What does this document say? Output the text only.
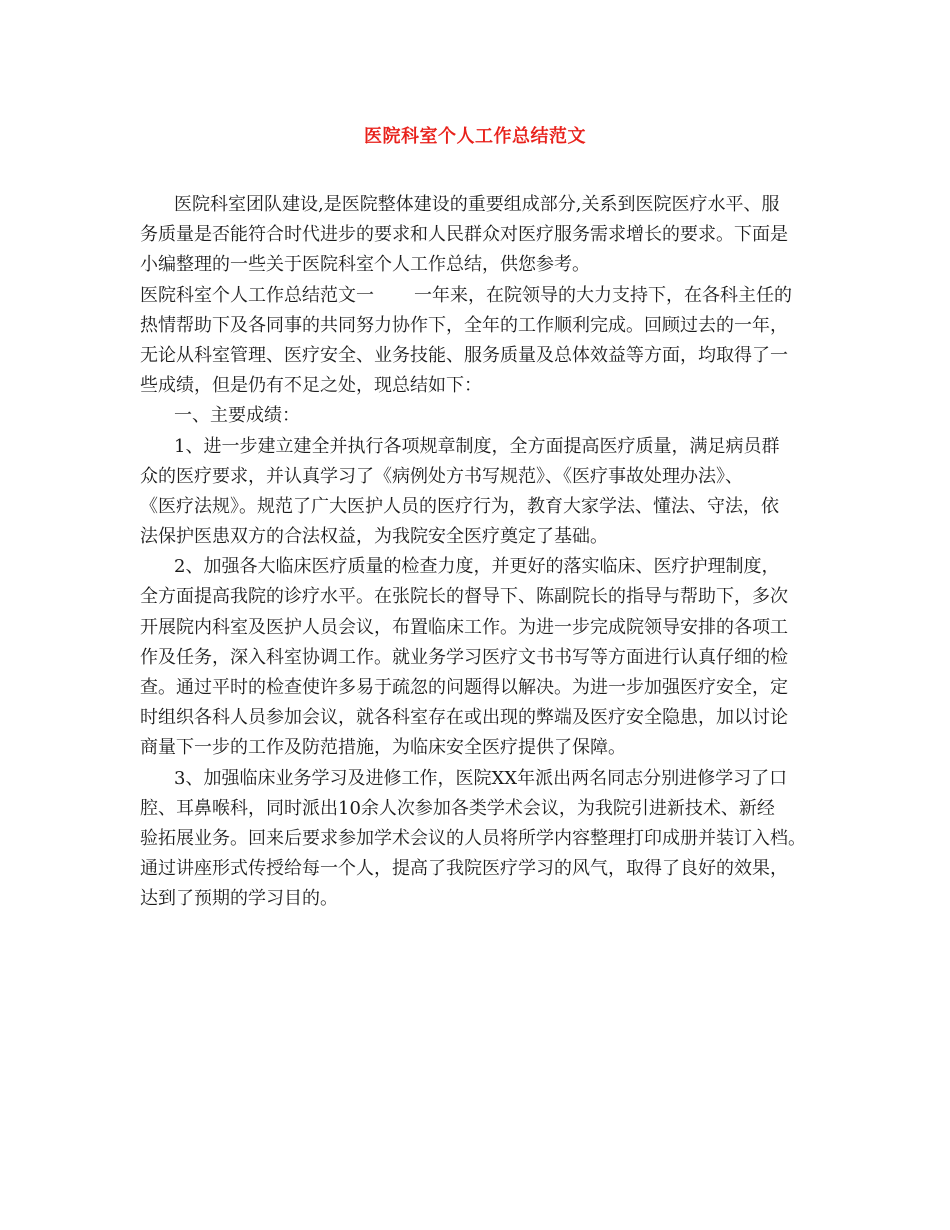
医院科室个人工作总结范文
医院科室团队建设,是医院整体建设的重要组成部分,关系到医院医疗水平、服
务质量是否能符合时代进步的要求和人民群众对医疗服务需求增长的要求。下面是
小编整理的一些关于医院科室个人工作总结，供您参考。
医院科室个人工作总结范文一 一年来，在院领导的大力支持下，在各科主任的
热情帮助下及各同事的共同努力协作下，全年的工作顺利完成。回顾过去的一年，
无论从科室管理、医疗安全、业务技能、服务质量及总体效益等方面，均取得了一
些成绩，但是仍有不足之处，现总结如下：
一、主要成绩：
1、进一步建立建全并执行各项规章制度，全方面提高医疗质量，满足病员群
众的医疗要求，并认真学习了《病例处方书写规范》、《医疗事故处理办法》、
《医疗法规》。规范了广大医护人员的医疗行为，教育大家学法、懂法、守法，依
法保护医患双方的合法权益，为我院安全医疗奠定了基础。
2、加强各大临床医疗质量的检查力度，并更好的落实临床、医疗护理制度，
全方面提高我院的诊疗水平。在张院长的督导下、陈副院长的指导与帮助下，多次
开展院内科室及医护人员会议，布置临床工作。为进一步完成院领导安排的各项工
作及任务，深入科室协调工作。就业务学习医疗文书书写等方面进行认真仔细的检
查。通过平时的检查使许多易于疏忽的问题得以解决。为进一步加强医疗安全，定
时组织各科人员参加会议，就各科室存在或出现的弊端及医疗安全隐患，加以讨论
商量下一步的工作及防范措施，为临床安全医疗提供了保障。
3、加强临床业务学习及进修工作，医院XX年派出两名同志分别进修学习了口
腔、耳鼻喉科，同时派出10余人次参加各类学术会议，为我院引进新技术、新经
验拓展业务。回来后要求参加学术会议的人员将所学内容整理打印成册并装订入档。
通过讲座形式传授给每一个人，提高了我院医疗学习的风气，取得了良好的效果，
达到了预期的学习目的。
